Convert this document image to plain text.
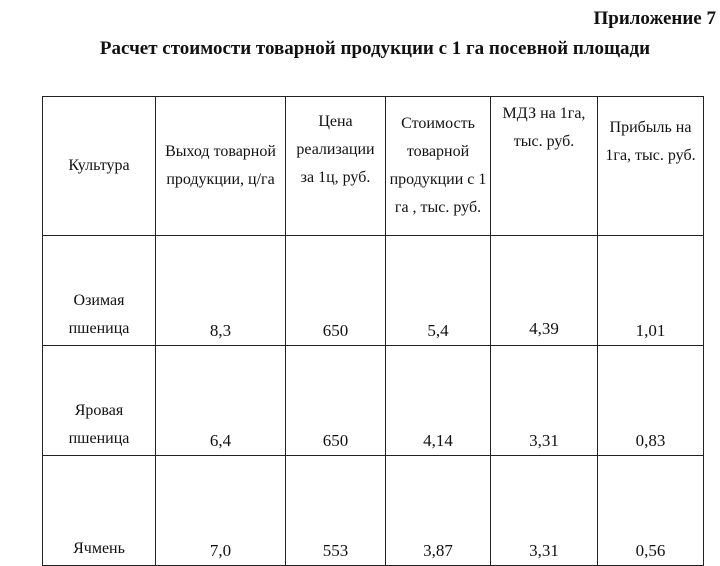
Приложение 7
Расчет стоимости товарной продукции с 1 га посевной площади
Культура	Выход товарной продукции, ц/га	Цена реализации за 1ц, руб.	Стоимость товарной продукции с 1 га , тыс. руб.	МДЗ на 1га, тыс. руб.	Прибыль на 1га, тыс. руб.

Озимая пшеница	8,3	650	5,4	4,39	1,01
Яровая пшеница	6,4	650	4,14	3,31	0,83
Ячмень	7,0	553	3,87	3,31	0,56
